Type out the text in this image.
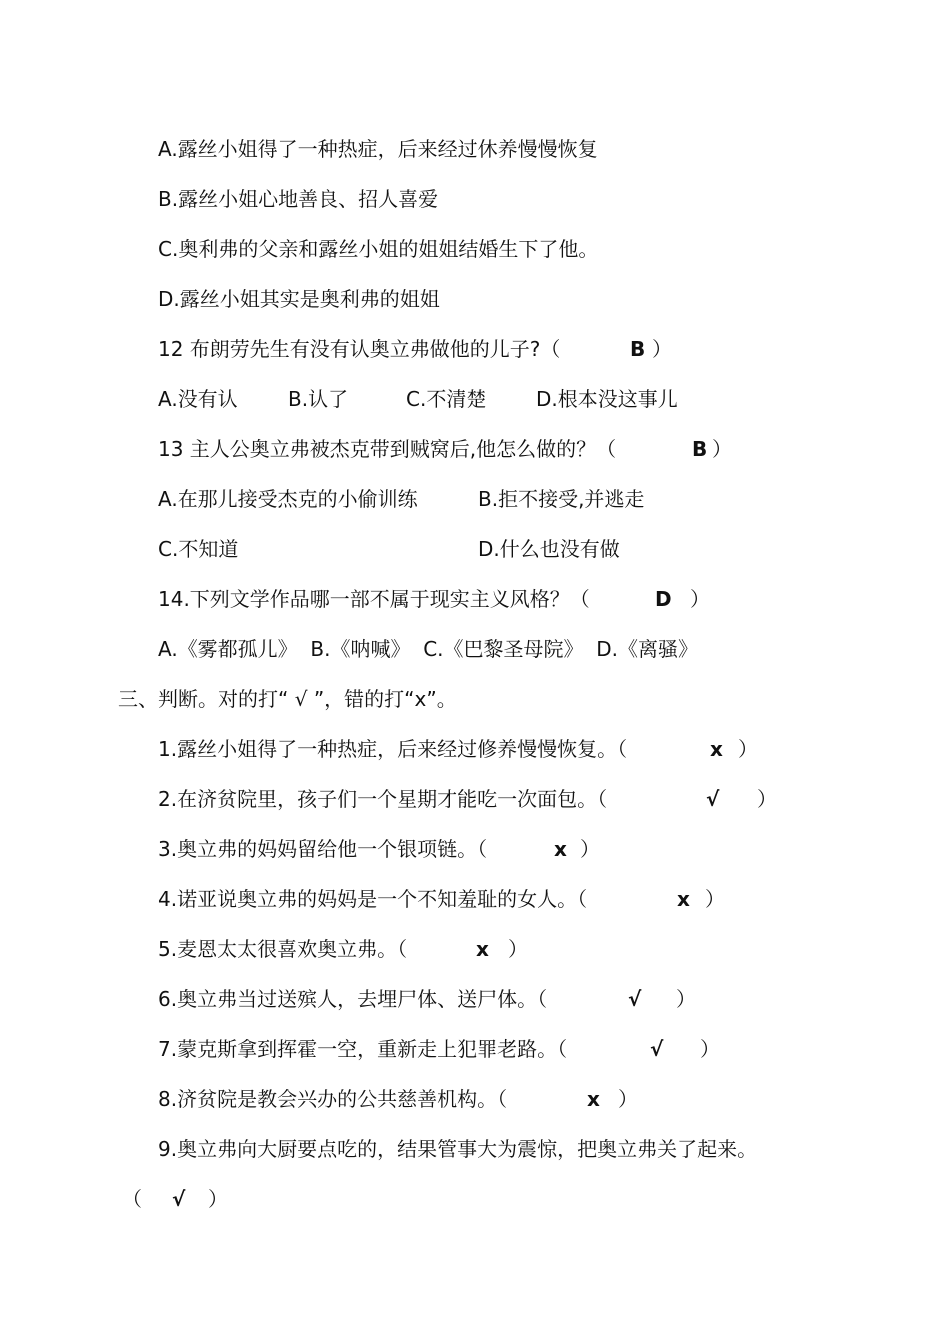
A.露丝小姐得了一种热症，后来经过休养慢慢恢复
B.露丝小姐心地善良、招人喜爱
C.奥利弗的父亲和露丝小姐的姐姐结婚生下了他。
D.露丝小姐其实是奥利弗的姐姐
12 布朗劳先生有没有认奥立弗做他的儿子?（	B ）
A.没有认	B.认了	C.不清楚 D.根本没这事儿
13 主人公奥立弗被杰克带到贼窝后,他怎么做的？（	B ）
A.在那儿接受杰克的小偷训练	B.拒不接受,并逃走
C.不知道	D.什么也没有做
14.下列文学作品哪一部不属于现实主义风格？（	D ）
A.《雾都孤儿》  B.《呐喊》  C.《巴黎圣母院》  D.《离骚》
三、判断。对的打“ √ ”，错的打“x”。
1.露丝小姐得了一种热症，后来经过修养慢慢恢复。（	x ）
2.在济贫院里，孩子们一个星期才能吃一次面包。（	√ ）
3.奥立弗的妈妈留给他一个银项链。（	x ）
4.诺亚说奥立弗的妈妈是一个不知羞耻的女人。（	x ）
5.麦恩太太很喜欢奥立弗。（	x ）
6.奥立弗当过送殡人，去埋尸体、送尸体。（	√ ）
7.蒙克斯拿到挥霍一空，重新走上犯罪老路。（	√ ）
8.济贫院是教会兴办的公共慈善机构。（	x ）
9.奥立弗向大厨要点吃的，结果管事大为震惊，把奥立弗关了起来。
（ √ ）
